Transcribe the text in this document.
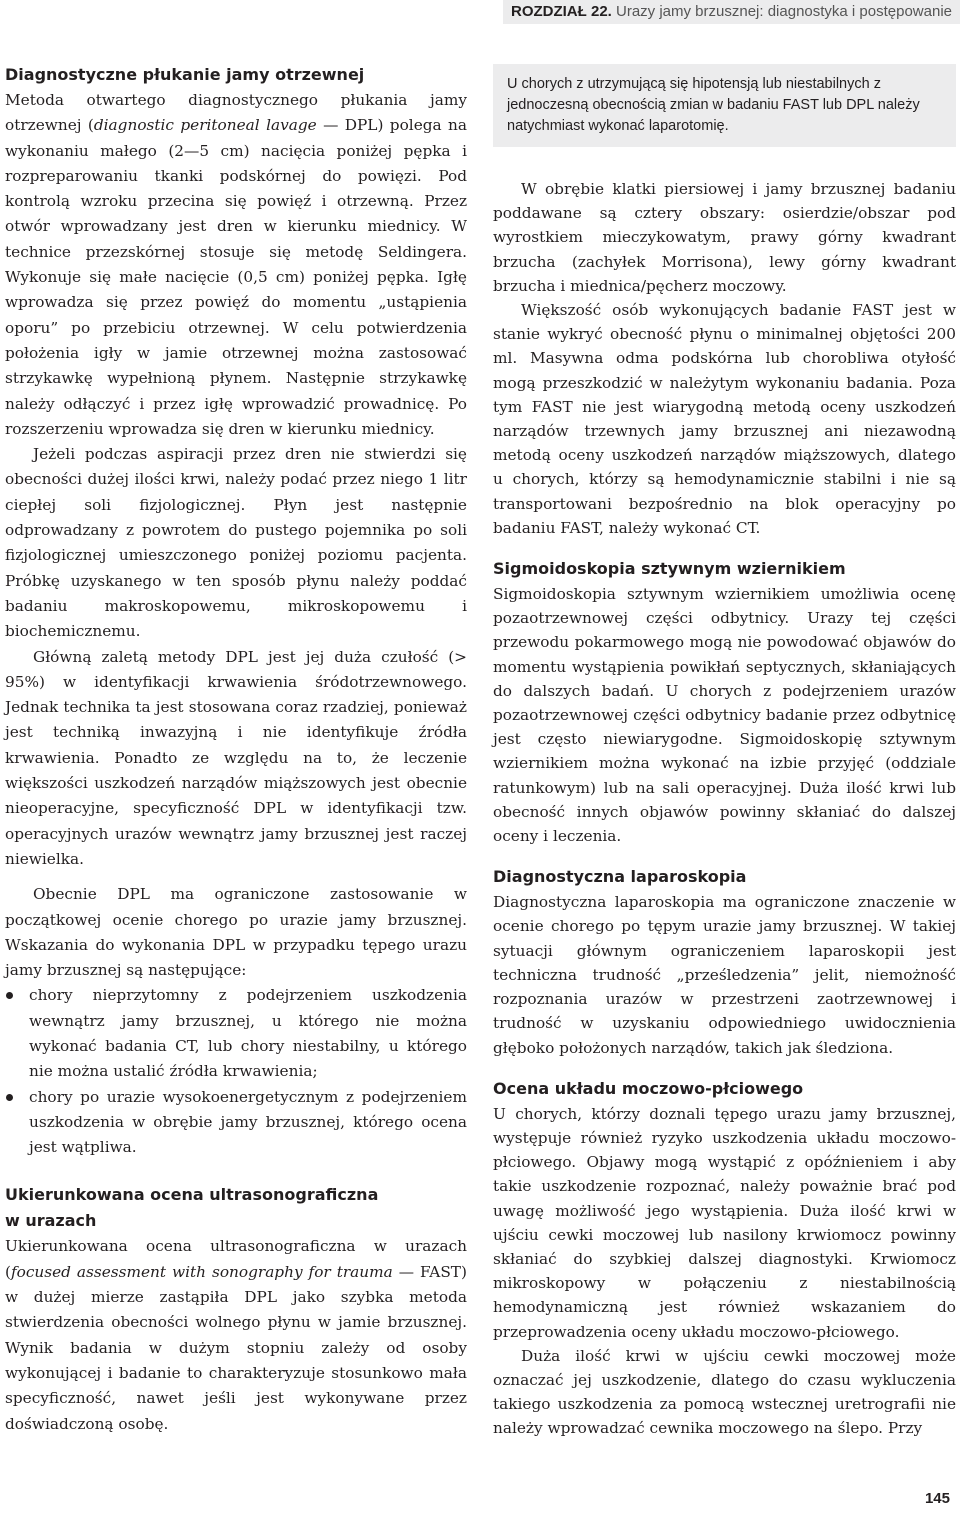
ROZDZIAŁ 22. Urazy jamy brzusznej: diagnostyka i postępowanie
Diagnostyczne płukanie jamy otrzewnej

Metoda otwartego diagnostycznego płukania jamy otrzewnej (diagnostic peritoneal lavage — DPL) polega na wykonaniu małego (2—5 cm) nacięcia poniżej pępka i rozpreparowaniu tkanki podskórnej do powięzi. Pod kontrolą wzroku przecina się powięź i otrzewną. Przez otwór wprowadzany jest dren w kierunku miednicy. W technice przezskórnej stosuje się metodę Seldingera. Wykonuje się małe nacięcie (0,5 cm) poniżej pępka. Igłę wprowadza się przez powięź do momentu „ustąpienia oporu” po przebiciu otrzewnej. W celu potwierdzenia położenia igły w jamie otrzewnej można zastosować strzykawkę wypełnioną płynem. Następnie strzykawkę należy odłączyć i przez igłę wprowadzić prowadnicę. Po rozszerzeniu wprowadza się dren w kierunku miednicy.

Jeżeli podczas aspiracji przez dren nie stwierdzi się obecności dużej ilości krwi, należy podać przez niego 1 litr ciepłej soli fizjologicznej. Płyn jest następnie odprowadzany z powrotem do pustego pojemnika po soli fizjologicznej umieszczonego poniżej poziomu pacjenta. Próbkę uzyskanego w ten sposób płynu należy poddać badaniu makroskopowemu, mikroskopowemu i biochemicznemu.

Główną zaletą metody DPL jest jej duża czułość (> 95%) w identyfikacji krwawienia śródotrzewnowego. Jednak technika ta jest stosowana coraz rzadziej, ponieważ jest techniką inwazyjną i nie identyfikuje źródła krwawienia. Ponadto ze względu na to, że leczenie większości uszkodzeń narządów miąższowych jest obecnie nieoperacyjne, specyficzność DPL w identyfikacji tzw. operacyjnych urazów wewnątrz jamy brzusznej jest raczej niewielka.

Obecnie DPL ma ograniczone zastosowanie w początkowej ocenie chorego po urazie jamy brzusznej. Wskazania do wykonania DPL w przypadku tępego urazu jamy brzusznej są następujące:

chory nieprzytomny z podejrzeniem uszkodzenia wewnątrz jamy brzusznej, u którego nie można wykonać badania CT, lub chory niestabilny, u którego nie można ustalić źródła krwawienia;
chory po urazie wysokoenergetycznym z podejrzeniem uszkodzenia w obrębie jamy brzusznej, którego ocena jest wątpliwa.
Ukierunkowana ocena ultrasonograficzna
w urazach

Ukierunkowana ocena ultrasonograficzna w urazach (focused assessment with sonography for trauma — FAST) w dużej mierze zastąpiła DPL jako szybka metoda stwierdzenia obecności wolnego płynu w jamie brzusznej. Wynik badania w dużym stopniu zależy od osoby wykonującej i badanie to charakteryzuje stosunkowo mała specyficzność, nawet jeśli jest wykonywane przez doświadczoną osobę.

U chorych z utrzymującą się hipotensją lub niestabilnych z jednoczesną obecnością zmian w badaniu FAST lub DPL należy natychmiast wykonać laparotomię.

W obrębie klatki piersiowej i jamy brzusznej badaniu poddawane są cztery obszary: osierdzie/obszar pod wyrostkiem mieczykowatym, prawy górny kwadrant brzucha (zachyłek Morrisona), lewy górny kwadrant brzucha i miednica/pęcherz moczowy.

Większość osób wykonujących badanie FAST jest w stanie wykryć obecność płynu o minimalnej objętości 200 ml. Masywna odma podskórna lub chorobliwa otyłość mogą przeszkodzić w należytym wykonaniu badania. Poza tym FAST nie jest wiarygodną metodą oceny uszkodzeń narządów trzewnych jamy brzusznej ani niezawodną metodą oceny uszkodzeń narządów miąższowych, dlatego u chorych, którzy są hemodynamicznie stabilni i nie są transportowani bezpośrednio na blok operacyjny po badaniu FAST, należy wykonać CT.

Sigmoidoskopia sztywnym wziernikiem

Sigmoidoskopia sztywnym wziernikiem umożliwia ocenę pozaotrzewnowej części odbytnicy. Urazy tej części przewodu pokarmowego mogą nie powodować objawów do momentu wystąpienia powikłań septycznych, skłaniających do dalszych badań. U chorych z podejrzeniem urazów pozaotrzewnowej części odbytnicy badanie przez odbytnicę jest często niewiarygodne. Sigmoidoskopię sztywnym wziernikiem można wykonać na izbie przyjęć (oddziale ratunkowym) lub na sali operacyjnej. Duża ilość krwi lub obecność innych objawów powinny skłaniać do dalszej oceny i leczenia.

Diagnostyczna laparoskopia

Diagnostyczna laparoskopia ma ograniczone znaczenie w ocenie chorego po tępym urazie jamy brzusznej. W takiej sytuacji głównym ograniczeniem laparoskopii jest techniczna trudność „prześledzenia” jelit, niemożność rozpoznania urazów w przestrzeni zaotrzewnowej i trudność w uzyskaniu odpowiedniego uwidocznienia głęboko położonych narządów, takich jak śledziona.

Ocena układu moczowo-płciowego

U chorych, którzy doznali tępego urazu jamy brzusznej, występuje również ryzyko uszkodzenia układu moczowo-płciowego. Objawy mogą wystąpić z opóźnieniem i aby takie uszkodzenie rozpoznać, należy poważnie brać pod uwagę możliwość jego wystąpienia. Duża ilość krwi w ujściu cewki moczowej lub nasilony krwiomocz powinny skłaniać do szybkiej dalszej diagnostyki. Krwiomocz mikroskopowy w połączeniu z niestabilnością hemodynamiczną jest również wskazaniem do przeprowadzenia oceny układu moczowo-płciowego.

Duża ilość krwi w ujściu cewki moczowej może oznaczać jej uszkodzenie, dlatego do czasu wykluczenia takiego uszkodzenia za pomocą wstecznej uretrografii nie należy wprowadzać cewnika moczowego na ślepo. Przy

145
